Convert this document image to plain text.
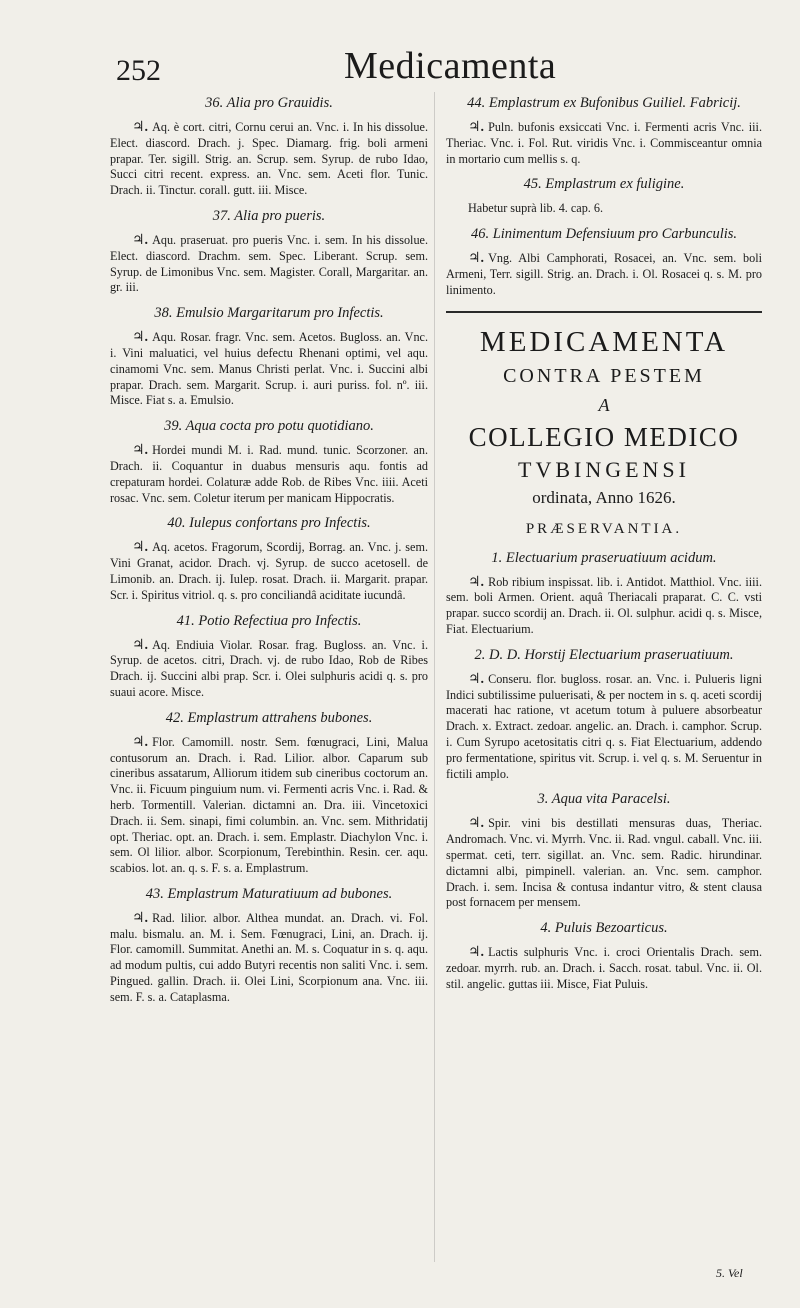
252	Medicamenta
36. Alia pro Grauidis.

♃. Aq. è cort. citri, Cornu cerui an. Vnc. i. In his dissolue. Elect. diascord. Drach. j. Spec. Diamarg. frig. boli armeni prapar. Ter. sigill. Strig. an. Scrup. sem. Syrup. de rubo Idao, Succi citri recent. express. an. Vnc. sem. Aceti flor. Tunic. Drach. ii. Tinctur. corall. gutt. iii. Misce.

37. Alia pro pueris.

♃. Aqu. praseruat. pro pueris Vnc. i. sem. In his dissolue. Elect. diascord. Drachm. sem. Spec. Liberant. Scrup. sem. Syrup. de Limonibus Vnc. sem. Magister. Corall, Margaritar. an. gr. iii.

38. Emulsio Margaritarum pro Infectis.

♃. Aqu. Rosar. fragr. Vnc. sem. Acetos. Bugloss. an. Vnc. i. Vini maluatici, vel huius defectu Rhenani optimi, vel aqu. cinamomi Vnc. sem. Manus Christi perlat. Vnc. i. Succini albi prapar. Drach. sem. Margarit. Scrup. i. auri puriss. fol. nº. iii. Misce. Fiat s. a. Emulsio.

39. Aqua cocta pro potu quotidiano.

♃. Hordei mundi M. i. Rad. mund. tunic. Scorzoner. an. Drach. ii. Coquantur in duabus mensuris aqu. fontis ad crepaturam hordei. Colaturæ adde Rob. de Ribes Vnc. iiii. Aceti rosac. Vnc. sem. Coletur iterum per manicam Hippocratis.

40. Iulepus confortans pro Infectis.

♃. Aq. acetos. Fragorum, Scordij, Borrag. an. Vnc. j. sem. Vini Granat, acidor. Drach. vj. Syrup. de succo acetosell. de Limonib. an. Drach. ij. Iulep. rosat. Drach. ii. Margarit. prapar. Scr. i. Spiritus vitriol. q. s. pro conciliandâ aciditate iucundâ.

41. Potio Refectiua pro Infectis.

♃. Aq. Endiuia Violar. Rosar. frag. Bugloss. an. Vnc. i. Syrup. de acetos. citri, Drach. vj. de rubo Idao, Rob de Ribes Drach. ij. Succini albi prap. Scr. i. Olei sulphuris acidi q. s. pro suaui acore. Misce.

42. Emplastrum attrahens bubones.

♃. Flor. Camomill. nostr. Sem. fœnugraci, Lini, Malua contusorum an. Drach. i. Rad. Lilior. albor. Caparum sub cineribus assatarum, Alliorum itidem sub cineribus coctorum an. Vnc. ii. Ficuum pinguium num. vi. Fermenti acris Vnc. i. Rad. & herb. Tormentill. Valerian. dictamni an. Dra. iii. Vincetoxici Drach. ii. Sem. sinapi, fimi columbin. an. Vnc. sem. Mithridatij opt. Theriac. opt. an. Drach. i. sem. Emplastr. Diachylon Vnc. i. sem. Ol lilior. albor. Scorpionum, Terebinthin. Resin. cer. aqu. scabios. lot. an. q. s. F. s. a. Emplastrum.

43. Emplastrum Maturatiuum ad bubones.

♃. Rad. lilior. albor. Althea mundat. an. Drach. vi. Fol. malu. bismalu. an. M. i. Sem. Fœnugraci, Lini, an. Drach. ij. Flor. camomill. Summitat. Anethi an. M. s. Coquatur in s. q. aqu. ad modum pultis, cui addo Butyri recentis non saliti Vnc. i. sem. Pingued. gallin. Drach. ii. Olei Lini, Scorpionum ana. Vnc. iii. sem. F. s. a. Cataplasma.

44. Emplastrum ex Bufonibus Guiliel. Fabricij.

♃. Puln. bufonis exsiccati Vnc. i. Fermenti acris Vnc. iii. Theriac. Vnc. i. Fol. Rut. viridis Vnc. i. Commisceantur omnia in mortario cum mellis s. q.

45. Emplastrum ex fuligine.

Habetur suprà lib. 4. cap. 6.

46. Linimentum Defensiuum pro Carbunculis.

♃. Vng. Albi Camphorati, Rosacei, an. Vnc. sem. boli Armeni, Terr. sigill. Strig. an. Drach. i. Ol. Rosacei q. s. M. pro linimento.

MEDICAMENTA

CONTRA PESTEM

A

COLLEGIO MEDICO

TVBINGENSI

ordinata, Anno 1626.

PRÆSERVANTIA.

1. Electuarium praseruatiuum acidum.

♃. Rob ribium inspissat. lib. i. Antidot. Matthiol. Vnc. iiii. sem. boli Armen. Orient. aquâ Theriacali praparat. C. C. vsti prapar. succo scordij an. Drach. ii. Ol. sulphur. acidi q. s. Misce, Fiat. Electuarium.

2. D. D. Horstij Electuarium praseruatiuum.

♃. Conseru. flor. bugloss. rosar. an. Vnc. i. Pulueris ligni Indici subtilissime puluerisati, & per noctem in s. q. aceti scordij macerati hac ratione, vt acetum totum à puluere absorbeatur Drach. x. Extract. zedoar. angelic. an. Drach. i. camphor. Scrup. i. Cum Syrupo acetositatis citri q. s. Fiat Electuarium, addendo pro fermentatione, spiritus vit. Scrup. i. vel q. s. M. Seruentur in fictili amplo.

3. Aqua vita Paracelsi.

♃. Spir. vini bis destillati mensuras duas, Theriac. Andromach. Vnc. vi. Myrrh. Vnc. ii. Rad. vngul. caball. Vnc. iii. spermat. ceti, terr. sigillat. an. Vnc. sem. Radic. hirundinar. dictamni albi, pimpinell. valerian. an. Vnc. sem. camphor. Drach. i. sem. Incisa & contusa indantur vitro, & stent clausa post fornacem per mensem.

4. Puluis Bezoarticus.

♃. Lactis sulphuris Vnc. i. croci Orientalis Drach. sem. zedoar. myrrh. rub. an. Drach. i. Sacch. rosat. tabul. Vnc. ii. Ol. stil. angelic. guttas iii. Misce, Fiat Puluis.

5. Vel
